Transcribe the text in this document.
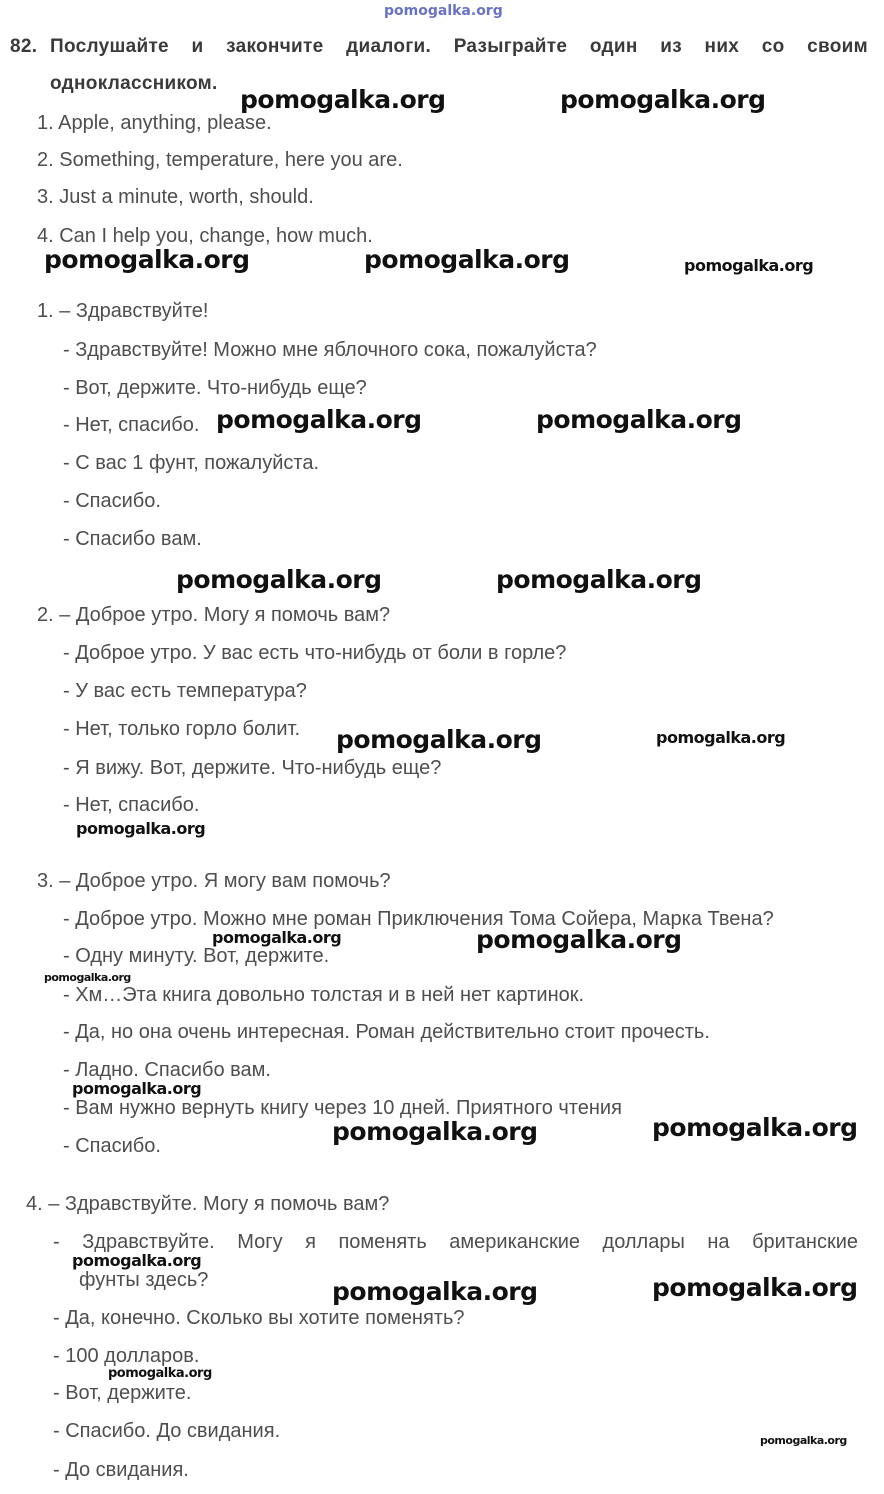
pomogalka.org
82. Послушайте и закончите диалоги. Разыграйте один из них со своим
одноклассником.
1. Apple, anything, please.
2. Something, temperature, here you are.
3. Just a minute, worth, should.
4. Can I help you, change, how much.
1. – Здравствуйте!
- Здравствуйте! Можно мне яблочного сока, пожалуйста?
- Вот, держите. Что-нибудь еще?
- Нет, спасибо.
- С вас 1 фунт, пожалуйста.
- Спасибо.
- Спасибо вам.
2. – Доброе утро. Могу я помочь вам?
- Доброе утро. У вас есть что-нибудь от боли в горле?
- У вас есть температура?
- Нет, только горло болит.
- Я вижу. Вот, держите. Что-нибудь еще?
- Нет, спасибо.
3. – Доброе утро. Я могу вам помочь?
- Доброе утро. Можно мне роман Приключения Тома Сойера, Марка Твена?
- Одну минуту. Вот, держите.
- Хм…Эта книга довольно толстая и в ней нет картинок.
- Да, но она очень интересная. Роман действительно стоит прочесть.
- Ладно. Спасибо вам.
- Вам нужно вернуть книгу через 10 дней. Приятного чтения
- Спасибо.
4. – Здравствуйте. Могу я помочь вам?
- Здравствуйте. Могу я поменять американские доллары на британские
фунты здесь?
- Да, конечно. Сколько вы хотите поменять?
- 100 долларов.
- Вот, держите.
- Спасибо. До свидания.
- До свидания.
pomogalka.org	pomogalka.org
pomogalka.org	pomogalka.org	pomogalka.org
pomogalka.org	pomogalka.org
pomogalka.org	pomogalka.org
pomogalka.org	pomogalka.org
pomogalka.org
pomogalka.org	pomogalka.org
pomogalka.org
pomogalka.org
pomogalka.org	pomogalka.org
pomogalka.org
pomogalka.org	pomogalka.org
pomogalka.org
pomogalka.org
